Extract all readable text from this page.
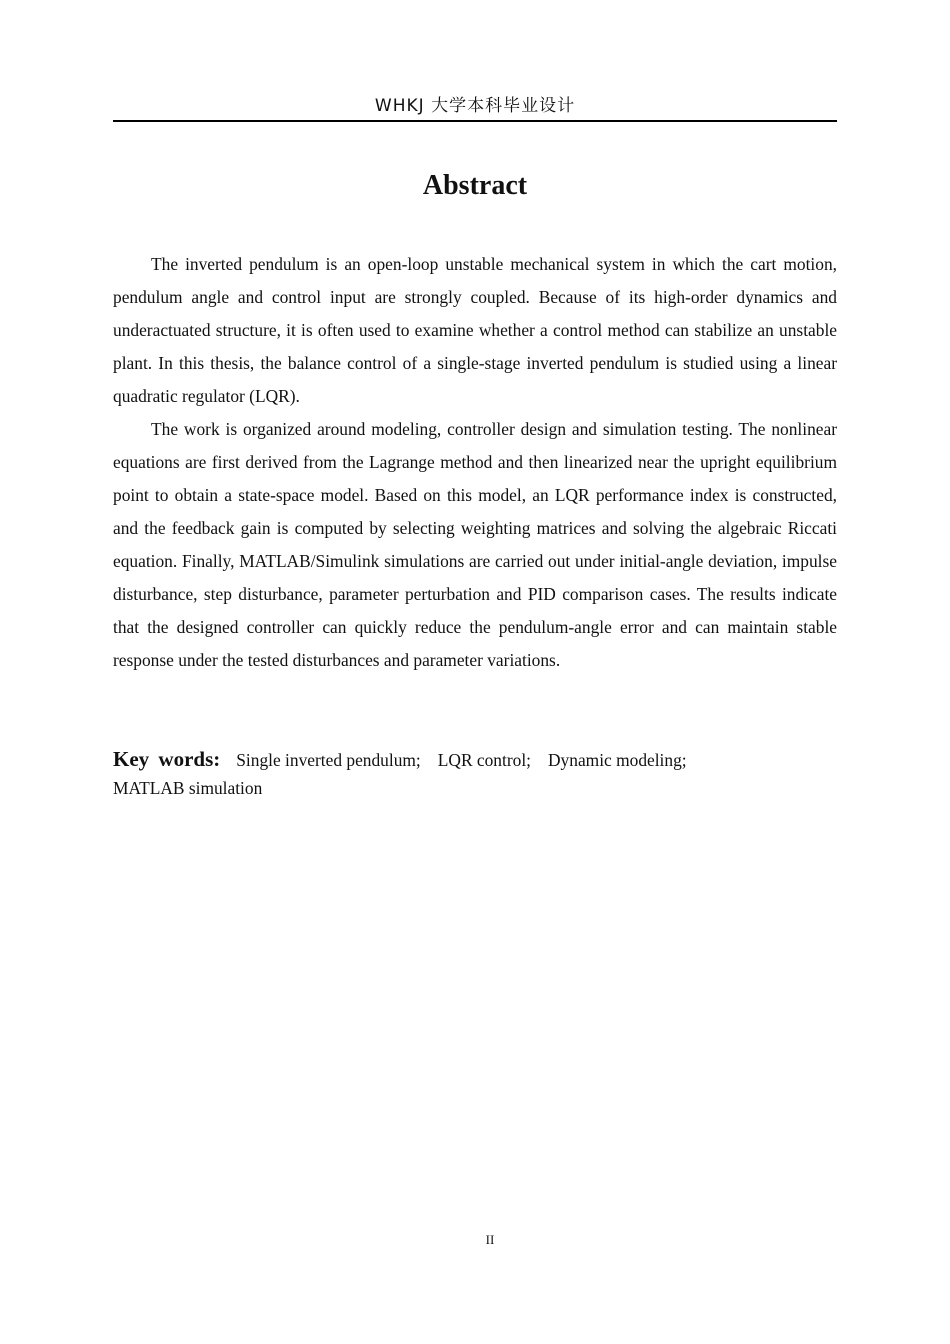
WHKJ 大学本科毕业设计
Abstract

The inverted pendulum is an open-loop unstable mechanical system in which the cart motion, pendulum angle and control input are strongly coupled. Because of its high-order dynamics and underactuated structure, it is often used to examine whether a control method can stabilize an unstable plant. In this thesis, the balance control of a single-stage inverted pendulum is studied using a linear quadratic regulator (LQR).

The work is organized around modeling, controller design and simulation testing. The nonlinear equations are first derived from the Lagrange method and then linearized near the upright equilibrium point to obtain a state-space model. Based on this model, an LQR performance index is constructed, and the feedback gain is computed by selecting weighting matrices and solving the algebraic Riccati equation. Finally, MATLAB/Simulink simulations are carried out under initial-angle deviation, impulse disturbance, step disturbance, parameter perturbation and PID comparison cases. The results indicate that the designed controller can quickly reduce the pendulum-angle error and can maintain stable response under the tested disturbances and parameter variations.

Key words: Single inverted pendulum; LQR control; Dynamic modeling;
MATLAB simulation
II
